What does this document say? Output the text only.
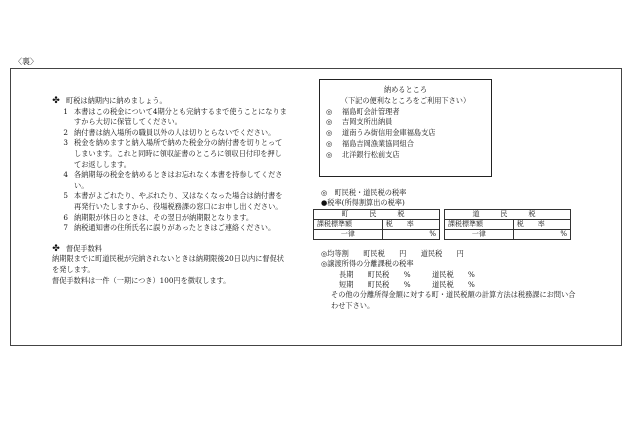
〈裏〉
✤ 町税は納期内に納めましょう。
1 本書はこの税金について4期分とも完納するまで使うことになりますから大切に保管してください。
2 納付書は納入場所の職員以外の人は切りとらないでください。
3 税金を納めますと納入場所で納めた税金分の納付書を切りとってしまいます。これと同時に領収証書のところに領収日付印を押してお返しします。
4 各納期毎の税金を納めるときはお忘れなく本書を持参してください。
5 本書がよごれたり、やぶれたり、又はなくなった場合は納付書を再発行いたしますから、役場税務課の窓口にお申し出ください。
6 納期限が休日のときは、その翌日が納期限となります。
7 納税通知書の住所氏名に誤りがあったときはご連絡ください。
✤ 督促手数料
納期限までに町道民税が完納されないときは納期限後20日以内に督促状を発します。
督促手数料は一件（一期につき）100円を徴収します。
納めるところ
（下記の便利なところをご利用下さい）
◎	福島町会計管理者
◎	吉岡支所出納員
◎	道南うみ街信用金庫福島支店
◎	福島吉岡漁業協同組合
◎	北洋銀行松前支店
◎　町民税・道民税の税率
●税率(所得割算出の税率)
町　民　税			道　民　税	
課税標準額	税　　率		課税標準額	税　　率
一律	%		一律	%
◎均等割　　町民税　　円　　道民税　　円
◎譲渡所得の分離課税の税率
長期　　町民税　　%　　　道民税　　%
短期　　町民税　　%　　　道民税　　%
その他の分離所得金額に対する町・道民税額の計算方法は税務課にお問い合わせ下さい。
